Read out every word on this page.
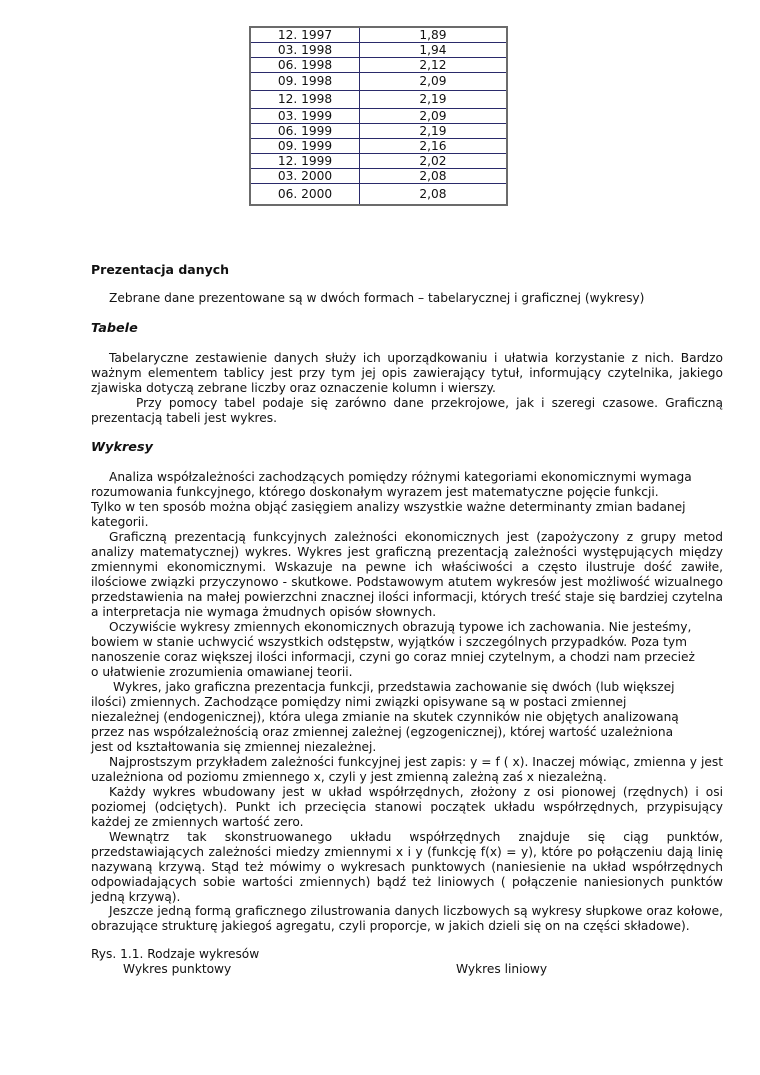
12. 1997	1,89
03. 1998	1,94
06. 1998	2,12
09. 1998	2,09
12. 1998	2,19
03. 1999	2,09
06. 1999	2,19
09. 1999	2,16
12. 1999	2,02
03. 2000	2,08
06. 2000	2,08
Prezentacja danych
Zebrane dane prezentowane są w dwóch formach – tabelarycznej i graficznej (wykresy)
Tabele
Tabelaryczne zestawienie danych służy ich uporządkowaniu i ułatwia korzystanie z nich. Bardzo ważnym elementem tablicy jest przy tym jej opis zawierający tytuł, informujący czytelnika, jakiego zjawiska dotyczą zebrane liczby oraz oznaczenie kolumn i wierszy.
Przy pomocy tabel podaje się zarówno dane przekrojowe, jak i szeregi czasowe. Graficzną prezentacją tabeli jest wykres.
Wykresy
Analiza współzależności zachodzących pomiędzy różnymi kategoriami ekonomicznymi wymaga
rozumowania funkcyjnego, którego doskonałym wyrazem jest matematyczne pojęcie funkcji.
Tylko w ten sposób można objąć zasięgiem analizy wszystkie ważne determinanty zmian badanej
kategorii.
Graficzną prezentacją funkcyjnych zależności ekonomicznych jest (zapożyczony z grupy metod analizy matematycznej) wykres. Wykres jest graficzną prezentacją zależności występujących między zmiennymi ekonomicznymi. Wskazuje na pewne ich właściwości a często ilustruje dość zawiłe, ilościowe związki przyczynowo - skutkowe. Podstawowym atutem wykresów jest możliwość wizualnego przedstawienia na małej powierzchni znacznej ilości informacji, których treść staje się bardziej czytelna a interpretacja nie wymaga żmudnych opisów słownych.
Oczywiście wykresy zmiennych ekonomicznych obrazują typowe ich zachowania. Nie jesteśmy,
bowiem w stanie uchwycić wszystkich odstępstw, wyjątków i szczególnych przypadków. Poza tym
nanoszenie coraz większej ilości informacji, czyni go coraz mniej czytelnym, a chodzi nam przecież
o ułatwienie zrozumienia omawianej teorii.
Wykres, jako graficzna prezentacja funkcji, przedstawia zachowanie się dwóch (lub większej
ilości) zmiennych. Zachodzące pomiędzy nimi związki opisywane są w postaci zmiennej
niezależnej (endogenicznej), która ulega zmianie na skutek czynników nie objętych analizowaną
przez nas współzależnością oraz zmiennej zależnej (egzogenicznej), której wartość uzależniona
jest od kształtowania się zmiennej niezależnej.
Najprostszym przykładem zależności funkcyjnej jest zapis: y = f ( x). Inaczej mówiąc, zmienna y jest uzależniona od poziomu zmiennego x, czyli y jest zmienną zależną zaś x niezależną.
Każdy wykres wbudowany jest w układ współrzędnych, złożony z osi pionowej (rzędnych) i osi poziomej (odciętych). Punkt ich przecięcia stanowi początek układu współrzędnych, przypisujący każdej ze zmiennych wartość zero.
Wewnątrz tak skonstruowanego układu współrzędnych znajduje się ciąg punktów, przedstawiających zależności miedzy zmiennymi x i y (funkcję f(x) = y), które po połączeniu dają linię nazywaną krzywą. Stąd też mówimy o wykresach punktowych (naniesienie na układ współrzędnych odpowiadających sobie wartości zmiennych) bądź też liniowych ( połączenie naniesionych punktów jedną krzywą).
Jeszcze jedną formą graficznego zilustrowania danych liczbowych są wykresy słupkowe oraz kołowe, obrazujące strukturę jakiegoś agregatu, czyli proporcje, w jakich dzieli się on na części składowe).
Rys. 1.1. Rodzaje wykresów
Wykres punktowy	Wykres liniowy
